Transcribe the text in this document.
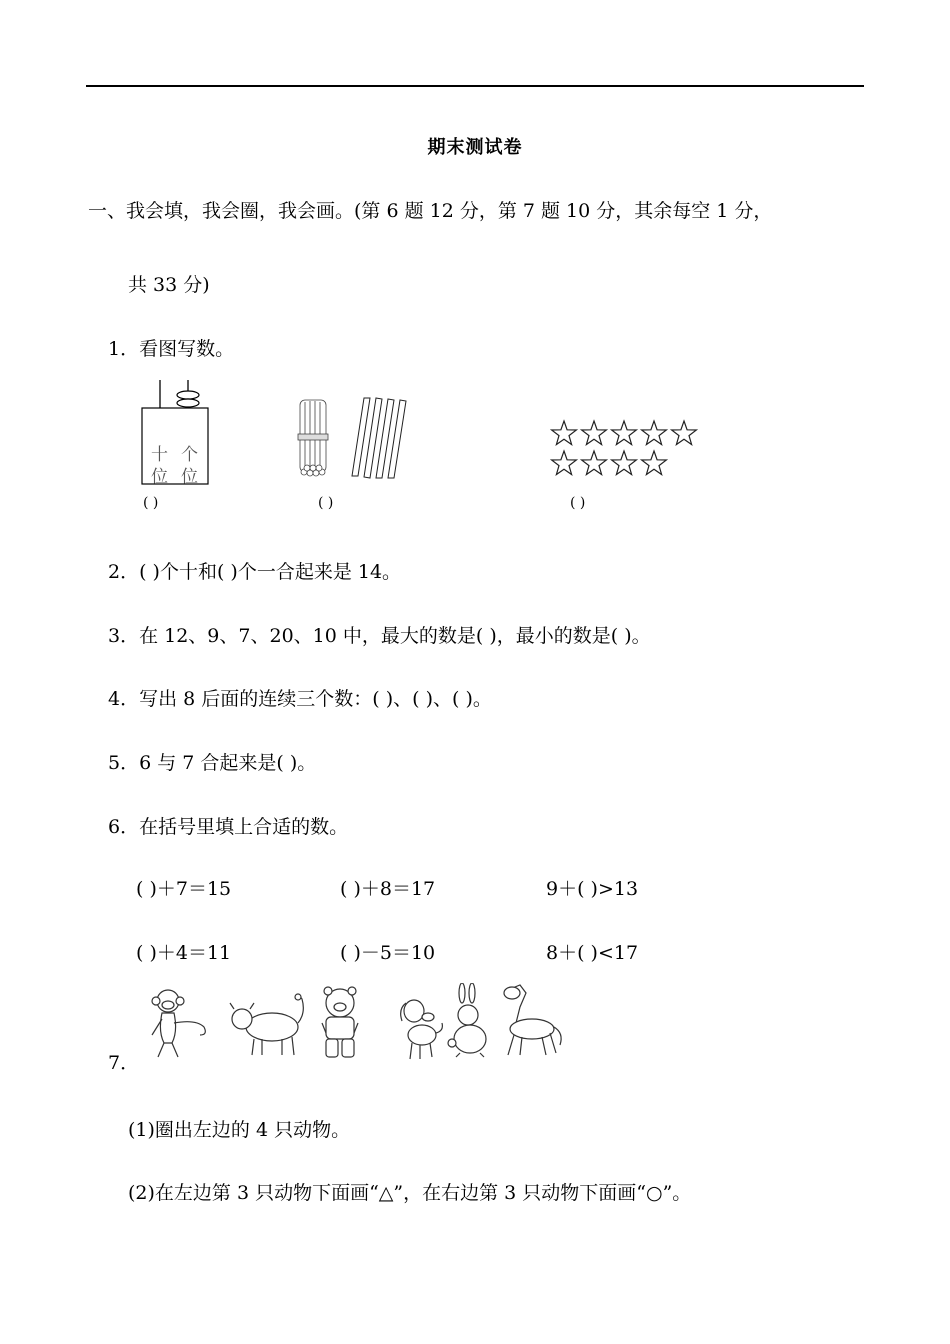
期末测试卷
一、我会填，我会圈，我会画。(第 6 题 12 分，第 7 题 10 分，其余每空 1 分，
共 33 分)
1．看图写数。
十
位
个
位
( )	( )	( )
2．( )个十和( )个一合起来是 14。
3．在 12、9、7、20、10 中，最大的数是( )，最小的数是( )。
4．写出 8 后面的连续三个数：( )、( )、( )。
5．6 与 7 合起来是( )。
6．在括号里填上合适的数。
( )＋7＝15	( )＋8＝17	9＋( )>13
( )＋4＝11	( )－5＝10	8＋( )<17
7．
(1)圈出左边的 4 只动物。
(2)在左边第 3 只动物下面画“△”，在右边第 3 只动物下面画“○”。
